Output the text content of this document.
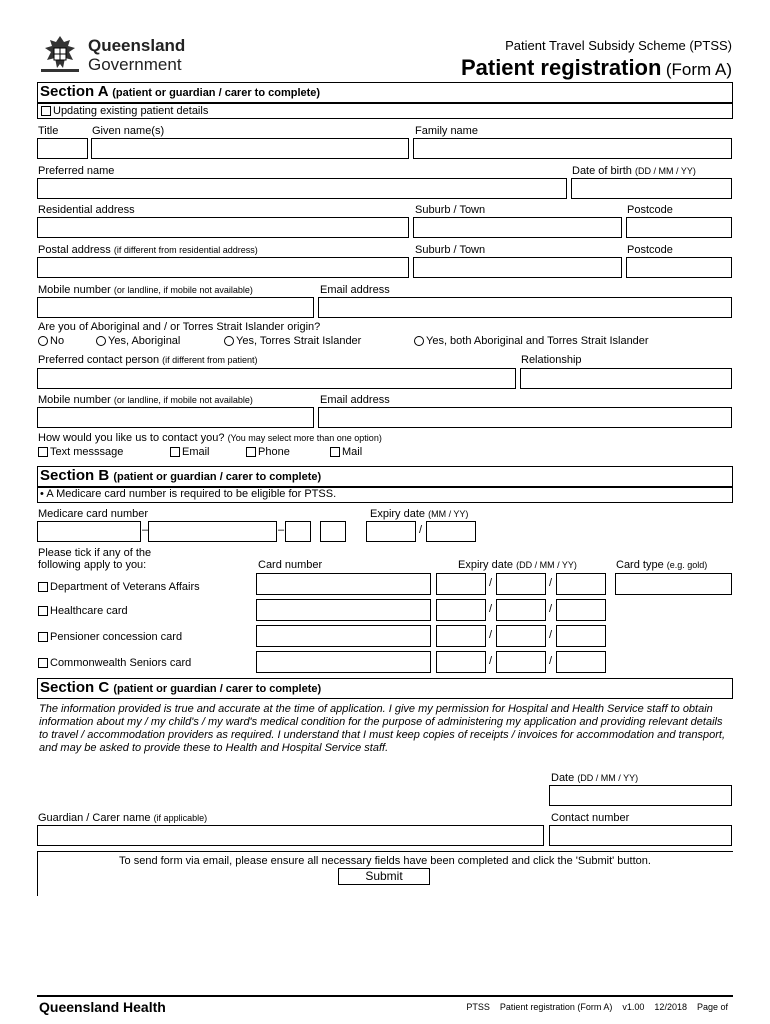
Queensland
Government
Patient Travel Subsidy Scheme (PTSS)
Patient registration (Form A)
Section A (patient or guardian / carer to complete)
Updating existing patient details
Title	Given name(s)	Family name
Preferred name	Date of birth (DD / MM / YY)
Residential address	Suburb / Town	Postcode
Postal address (if different from residential address)	Suburb / Town	Postcode
Mobile number (or landline, if mobile not available)	Email address
Are you of Aboriginal and / or Torres Strait Islander origin?
No	Yes, Aboriginal	Yes, Torres Strait Islander	Yes, both Aboriginal and Torres Strait Islander
Preferred contact person (if different from patient)	Relationship
Mobile number (or landline, if mobile not available)	Email address
How would you like us to contact you? (You may select more than one option)
Text messsage	Email	Phone	Mail
Section B (patient or guardian / carer to complete)
• A Medicare card number is required to be eligible for PTSS.
Medicare card number	Expiry date (MM / YY)
–	–	/
Please tick if any of the
following apply to you:	Card number	Expiry date (DD / MM / YY)	Card type (e.g. gold)
Department of Veterans Affairs	/	/
Healthcare card	/	/
Pensioner concession card	/	/
Commonwealth Seniors card	/	/
Section C (patient or guardian / carer to complete)
The information provided is true and accurate at the time of application. I give my permission for Hospital and Health Service staff to obtain information about my / my child's / my ward's medical condition for the purpose of administering my application and providing relevant details to travel / accommodation providers as required. I understand that I must keep copies of receipts / invoices for accommodation and transport, and may be asked to provide these to Health and Hospital Service staff.
Date (DD / MM / YY)
Guardian / Carer name (if applicable)	Contact number
To send form via email, please ensure all necessary fields have been completed and click the 'Submit' button.
Submit
Queensland Health	PTSS    Patient registration (Form A)    v1.00    12/2018    Page of
